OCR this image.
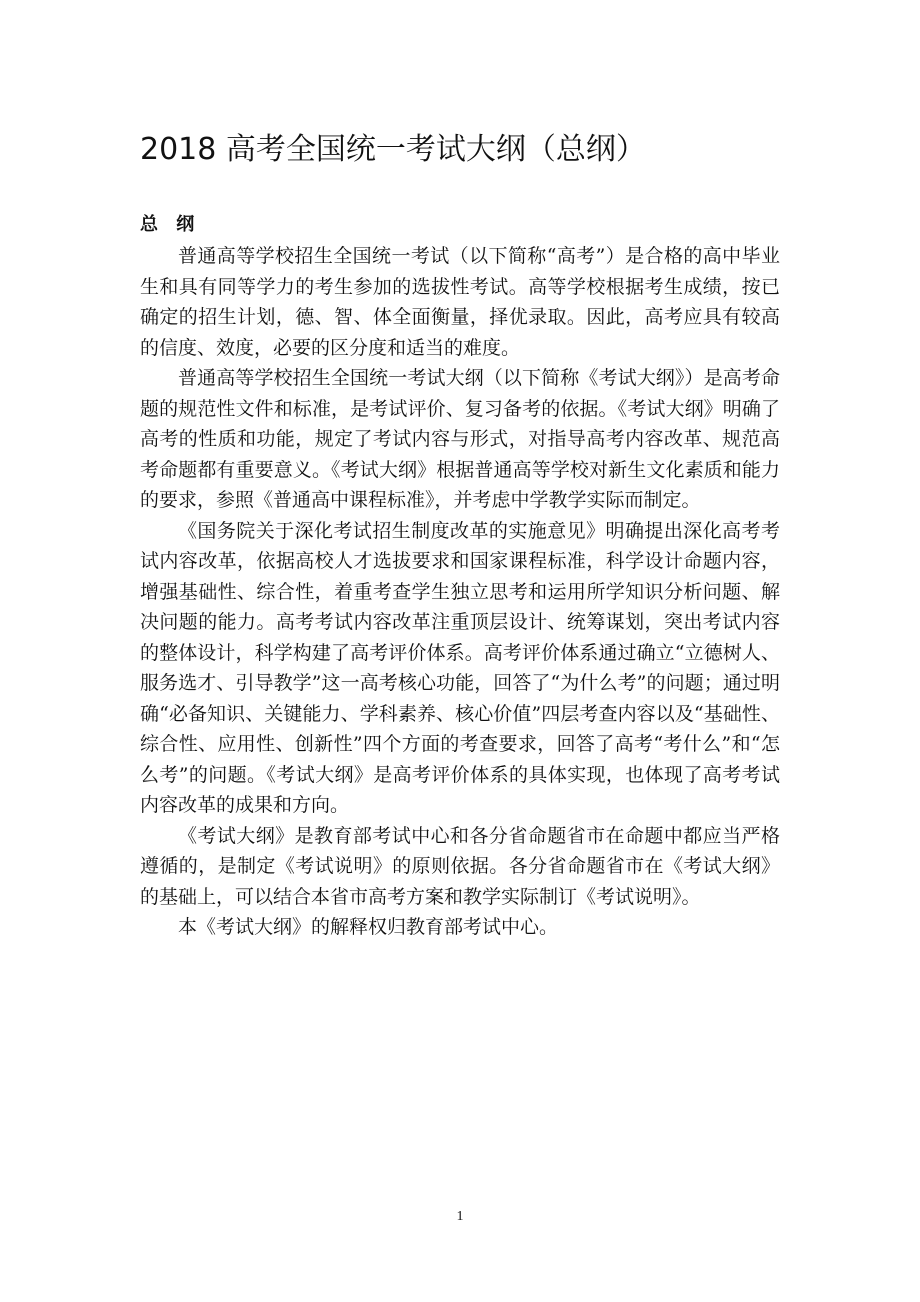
2018 高考全国统一考试大纲（总纲）
总 纲

普通高等学校招生全国统一考试（以下简称“高考”）是合格的高中毕业生和具有同等学力的考生参加的选拔性考试。高等学校根据考生成绩，按已确定的招生计划，德、智、体全面衡量，择优录取。因此，高考应具有较高的信度、效度，必要的区分度和适当的难度。

普通高等学校招生全国统一考试大纲（以下简称《考试大纲》）是高考命题的规范性文件和标准，是考试评价、复习备考的依据。《考试大纲》明确了高考的性质和功能，规定了考试内容与形式，对指导高考内容改革、规范高考命题都有重要意义。《考试大纲》根据普通高等学校对新生文化素质和能力的要求，参照《普通高中课程标准》，并考虑中学教学实际而制定。

《国务院关于深化考试招生制度改革的实施意见》明确提出深化高考考试内容改革，依据高校人才选拔要求和国家课程标准，科学设计命题内容，增强基础性、综合性，着重考查学生独立思考和运用所学知识分析问题、解决问题的能力。高考考试内容改革注重顶层设计、统筹谋划，突出考试内容的整体设计，科学构建了高考评价体系。高考评价体系通过确立“立德树人、服务选才、引导教学”这一高考核心功能，回答了“为什么考”的问题；通过明确“必备知识、关键能力、学科素养、核心价值”四层考查内容以及“基础性、综合性、应用性、创新性”四个方面的考查要求，回答了高考“考什么”和“怎么考”的问题。《考试大纲》是高考评价体系的具体实现，也体现了高考考试内容改革的成果和方向。

《考试大纲》是教育部考试中心和各分省命题省市在命题中都应当严格遵循的，是制定《考试说明》的原则依据。各分省命题省市在《考试大纲》的基础上，可以结合本省市高考方案和教学实际制订《考试说明》。

本《考试大纲》的解释权归教育部考试中心。

1
